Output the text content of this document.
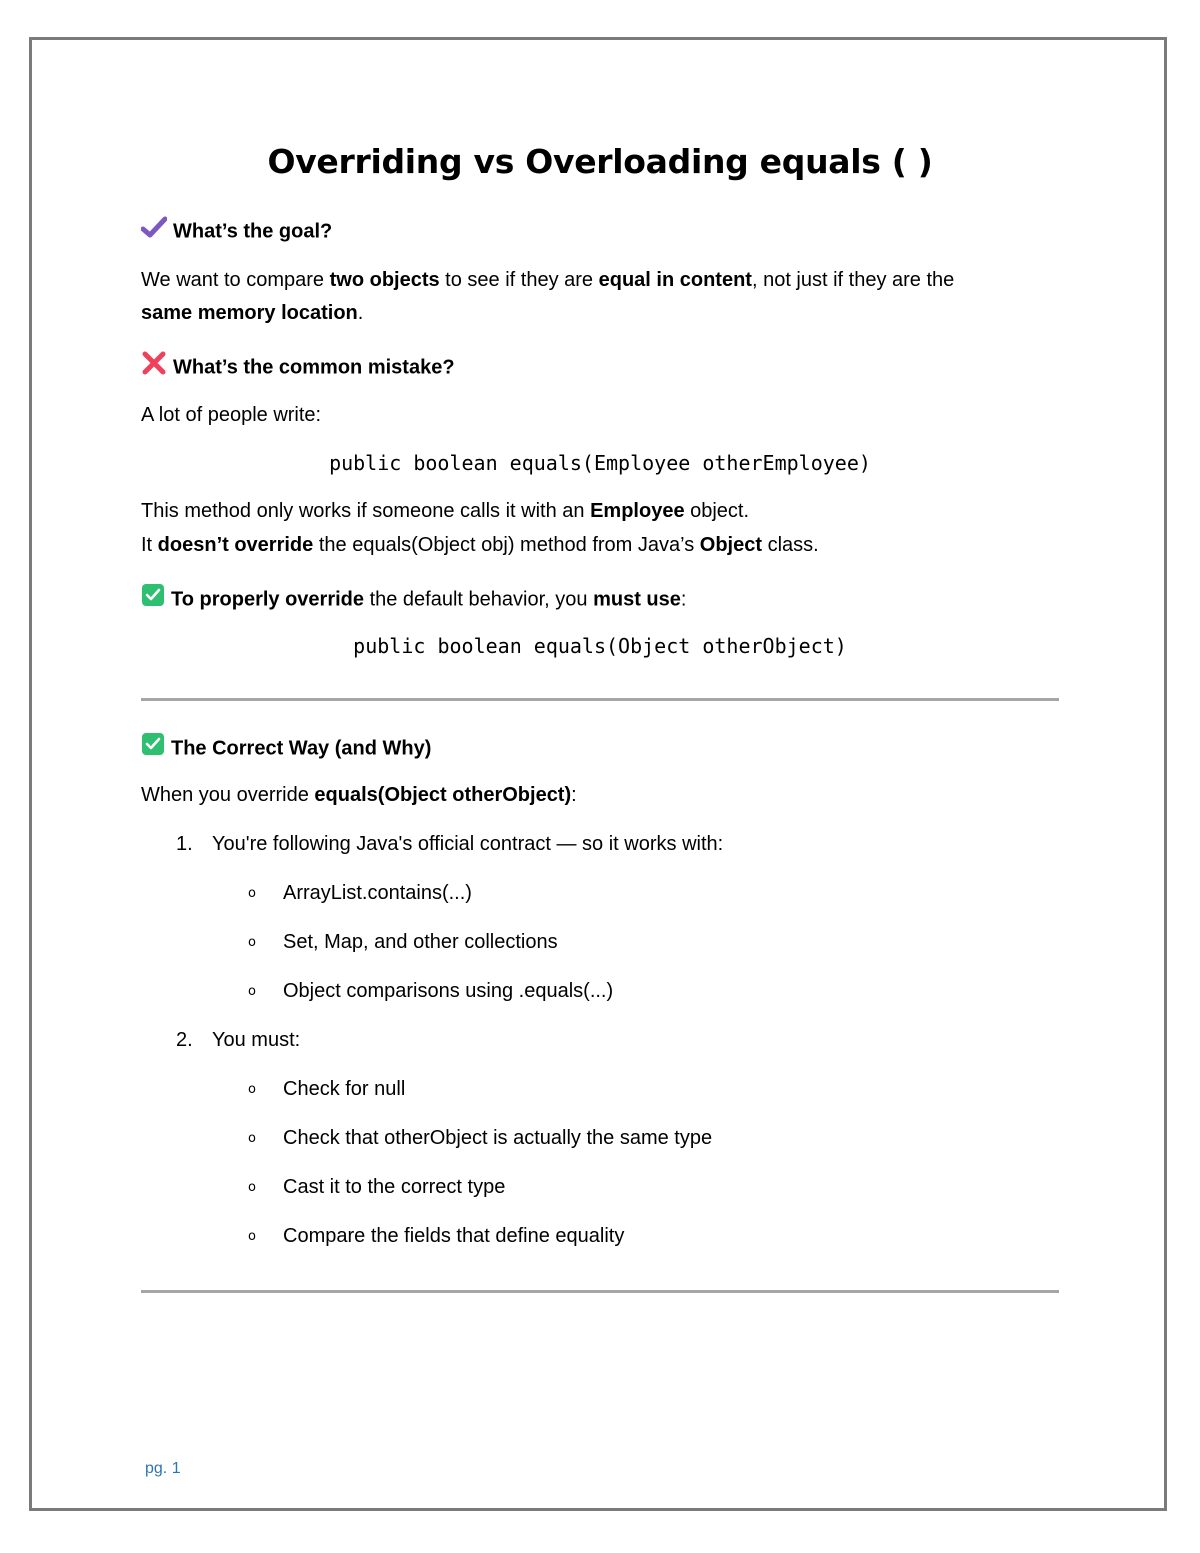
Overriding vs Overloading equals ( )
What’s the goal?
We want to compare two objects to see if they are equal in content, not just if they are the
same memory location.
What’s the common mistake?
A lot of people write:
public boolean equals(Employee otherEmployee)
This method only works if someone calls it with an Employee object.
It doesn’t override the equals(Object obj) method from Java’s Object class.
To properly override the default behavior, you must use:
public boolean equals(Object otherObject)
The Correct Way (and Why)
When you override equals(Object otherObject):
1. You're following Java's official contract — so it works with:
o ArrayList.contains(...)
o Set, Map, and other collections
o Object comparisons using .equals(...)
2. You must:
o Check for null
o Check that otherObject is actually the same type
o Cast it to the correct type
o Compare the fields that define equality
pg. 1
